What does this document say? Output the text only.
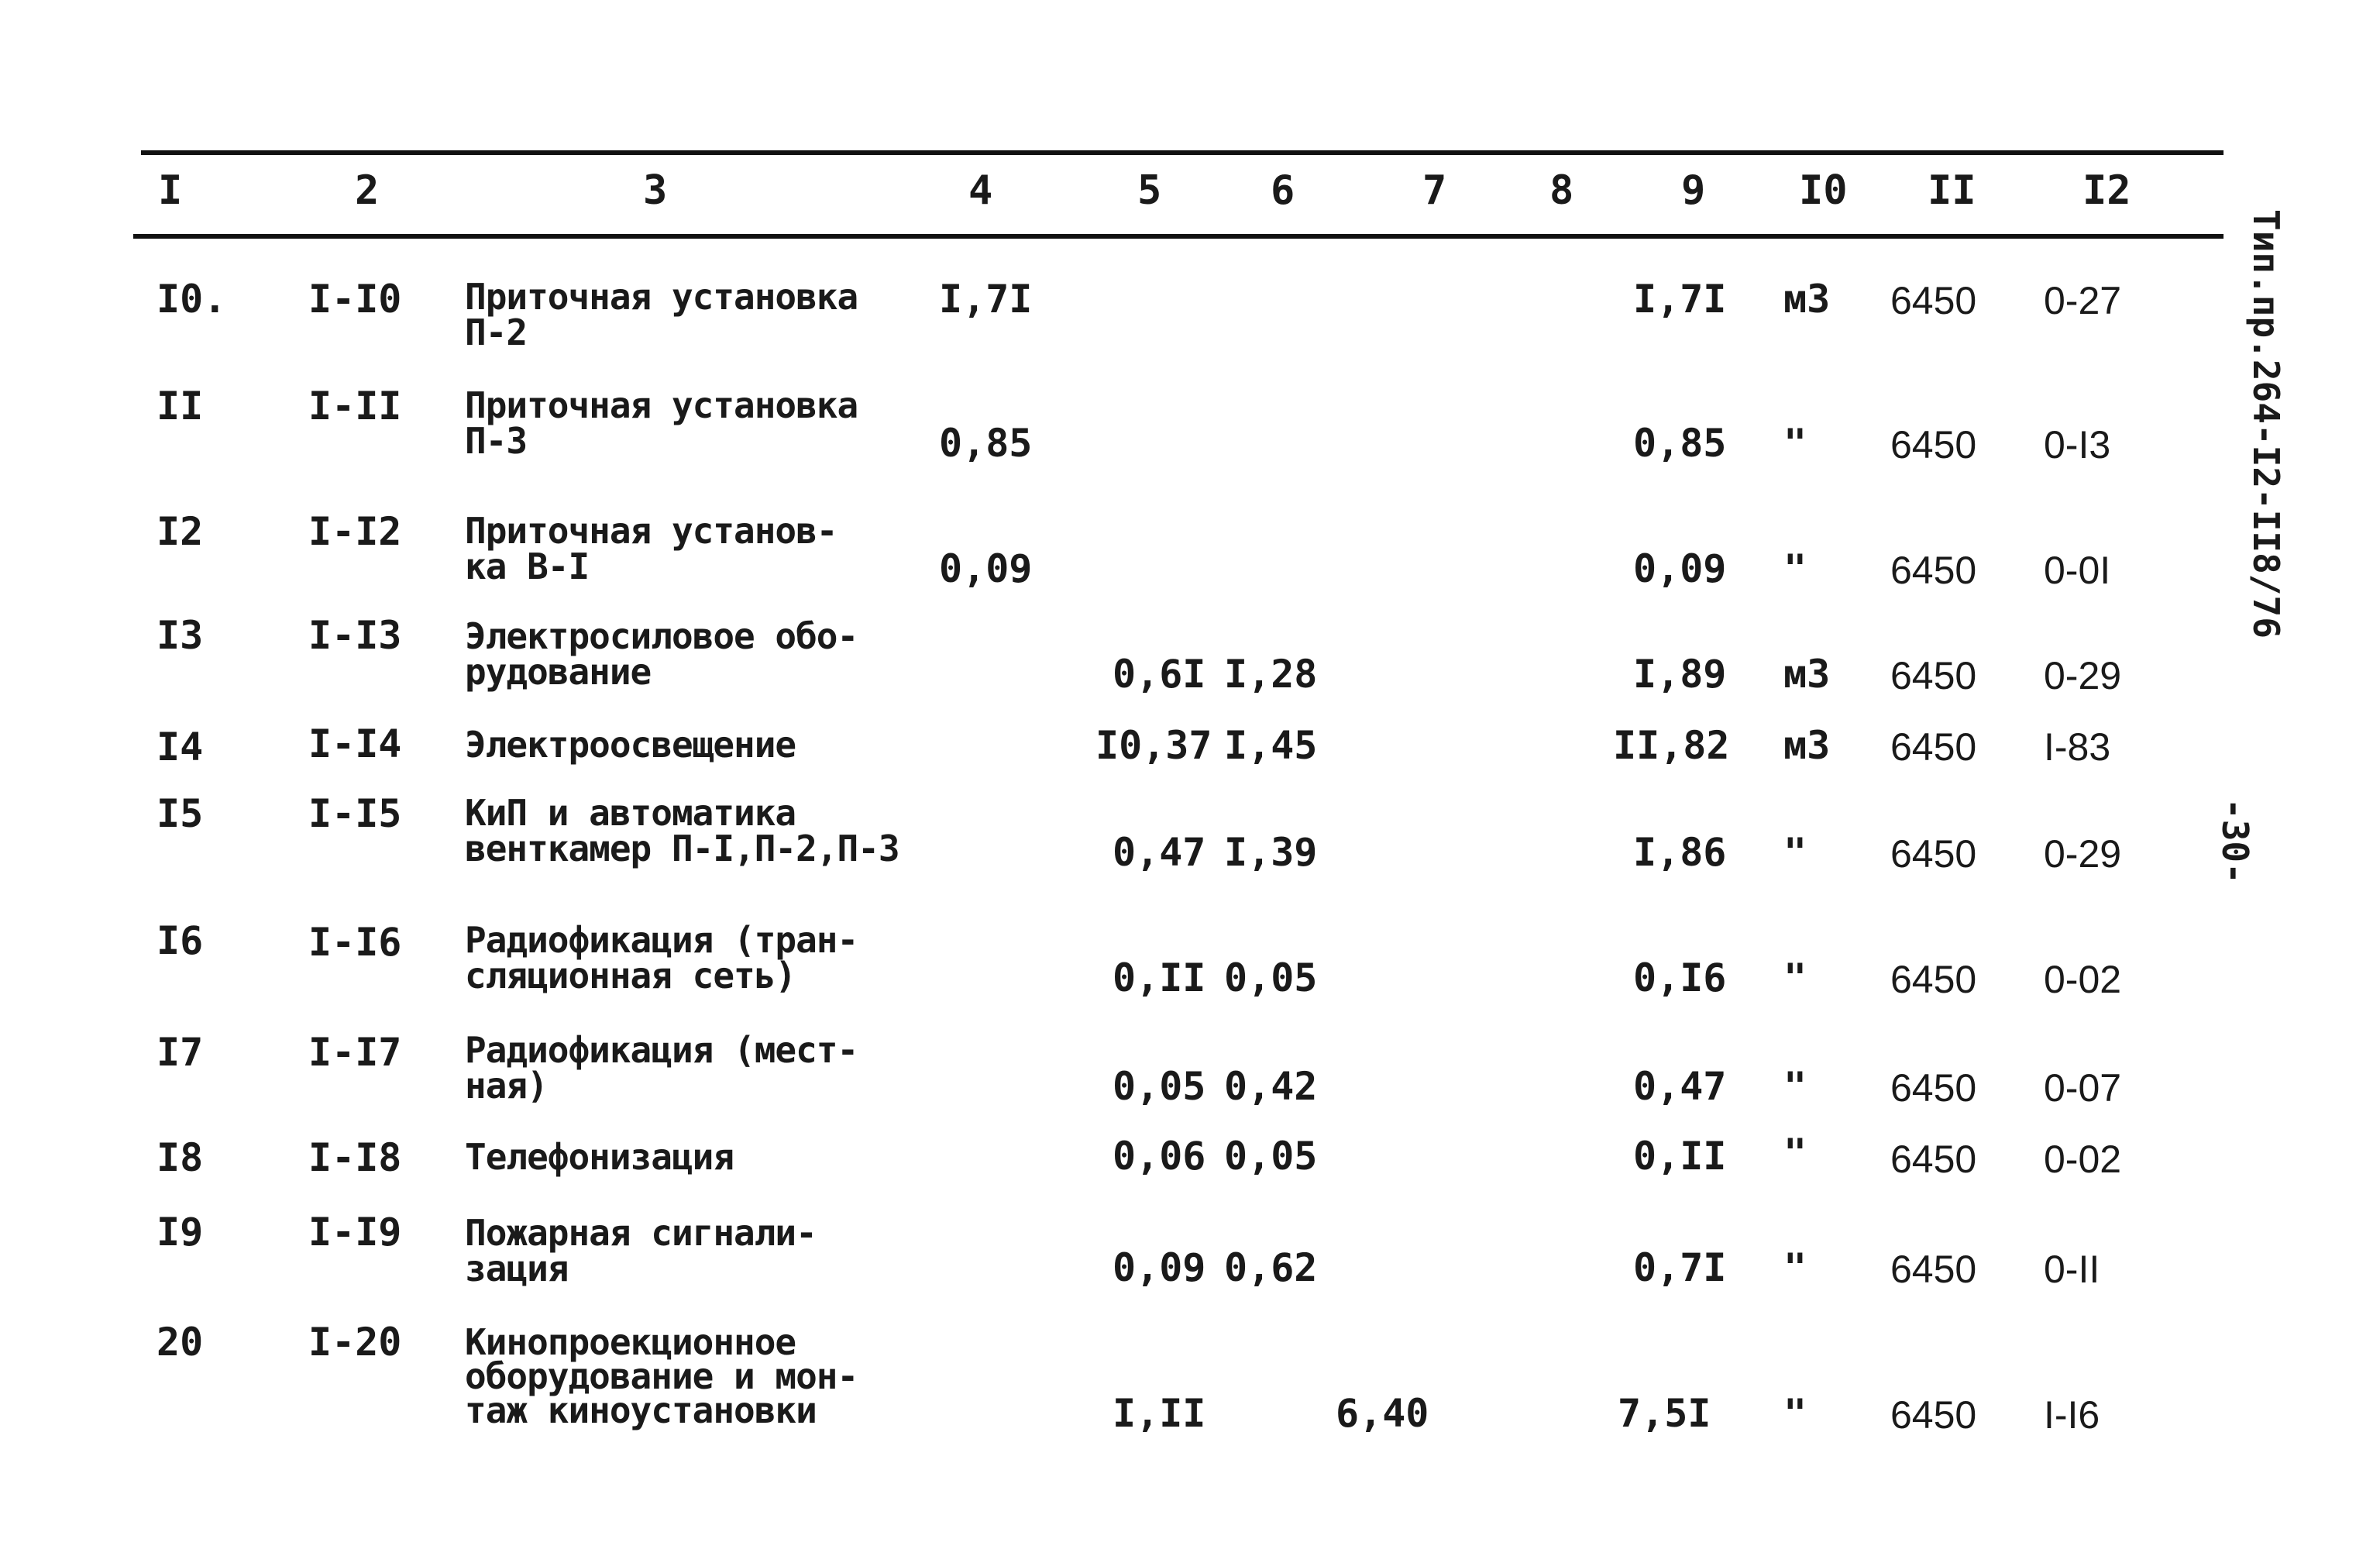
I	2	3	4	5	6	7	8	9 I0 II	I2
I0. I-I0 Приточная установка
П-2
I,7I	I,7I м3 6450 0-27
II	I-II Приточная установка
П-3	0,85	0,85 " 6450 0-I3
I2	I-I2 Приточная установ-
ка В-I	0,09	0,09 " 6450 0-0I
I3	I-I3 Электросиловое обо-
рудование	0,6I I,28	I,89 м3 6450 0-29
I4	I-I4 Электроосвещение	I0,37 I,45	II,82 м3 6450 I-83
I5	I-I5 КиП и автоматика
венткамер П-I,П-2,П-3	0,47 I,39	I,86 " 6450 0-29
I6	I-I6 Радиофикация (тран-
сляционная сеть)	0,II 0,05	0,I6 " 6450 0-02
I7	I-I7 Радиофикация (мест-
ная)	0,05 0,42	0,47 " 6450 0-07
I8	I-I8 Телефонизация	0,06 0,05	0,II " 6450 0-02
I9	I-I9 Пожарная сигнали-
зация	0,09 0,62	0,7I " 6450 0-II
20	I-20 Кинопроекционное
оборудование и мон-
таж киноустановки	I,II	6,40	7,5I " 6450 I-I6
Тип.пр.264-I2-II8/76
-30-
